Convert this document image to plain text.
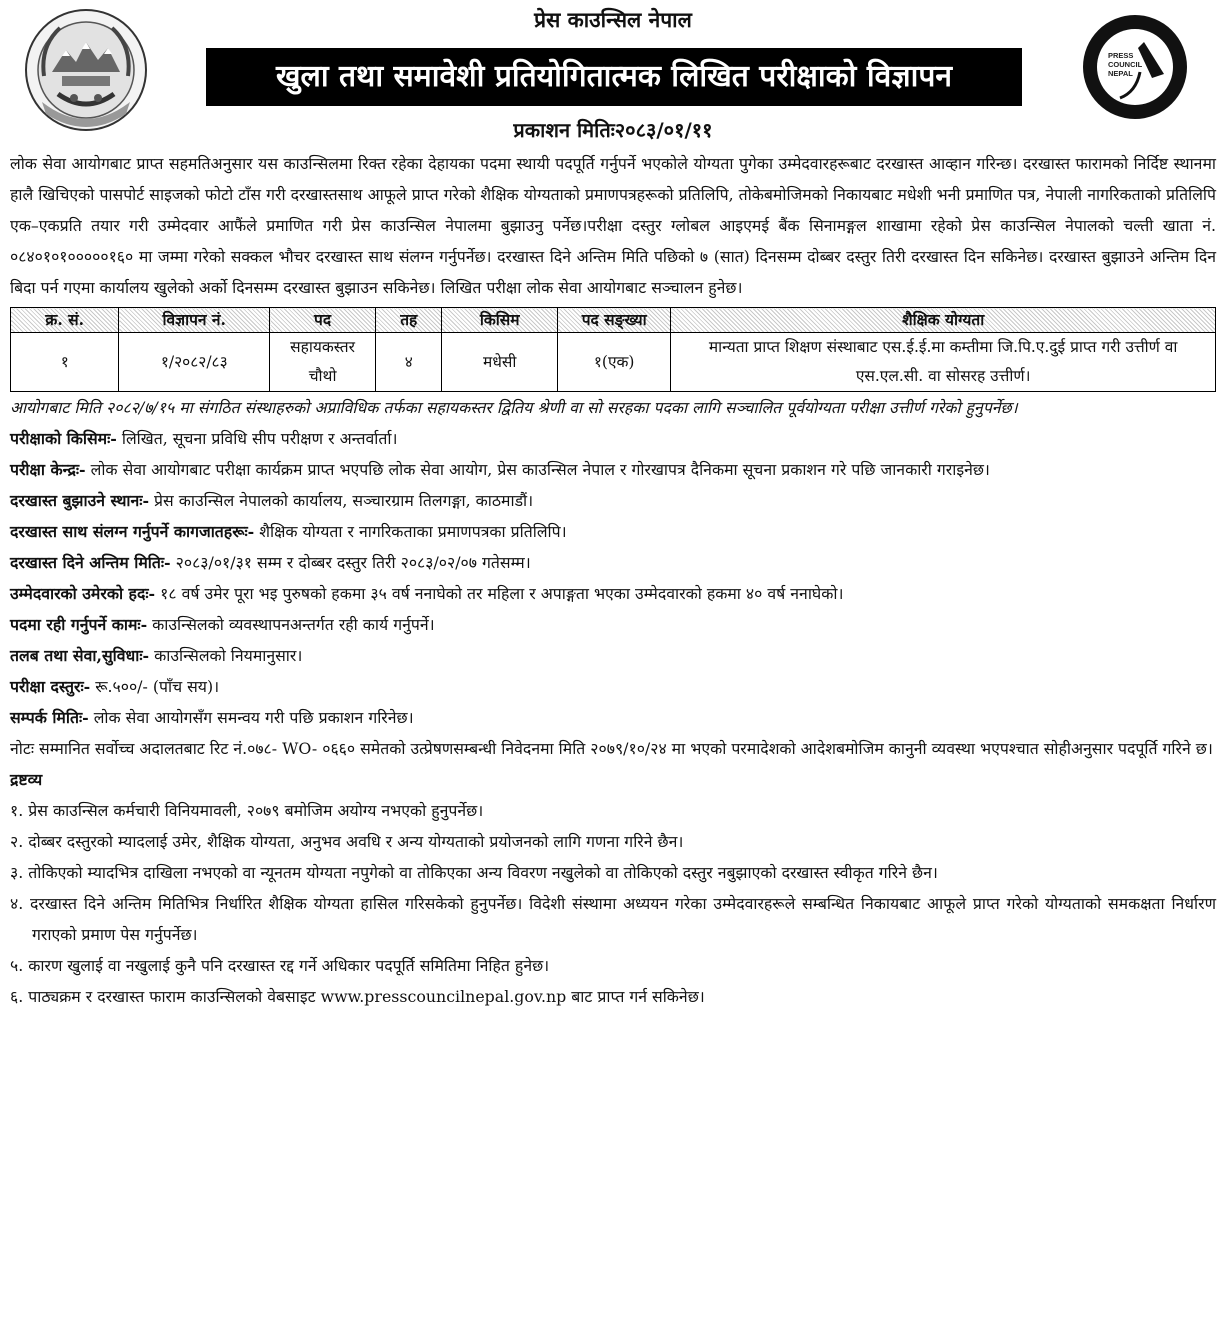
प्रेस काउन्सिल नेपाल
खुला तथा समावेशी प्रतियोगितात्मक लिखित परीक्षाको विज्ञापन
प्रकाशन मितिः२०८३/०१/११
PRESS
COUNCIL
NEPAL

लोक सेवा आयोगबाट प्राप्त सहमतिअनुसार यस काउन्सिलमा रिक्त रहेका देहायका पदमा स्थायी पदपूर्ति गर्नुपर्ने भएकोले योग्यता पुगेका उम्मेदवारहरूबाट दरखास्त आव्हान गरिन्छ। दरखास्त फारामको निर्दिष्ट स्थानमा हालै खिचिएको पासपोर्ट साइजको फोटो टाँस गरी दरखास्तसाथ आफूले प्राप्त गरेको शैक्षिक योग्यताको प्रमाणपत्रहरूको प्रतिलिपि, तोकेबमोजिमको निकायबाट मधेशी भनी प्रमाणित पत्र, नेपाली नागरिकताको प्रतिलिपि एक–एकप्रति तयार गरी उम्मेदवार आफैंले प्रमाणित गरी प्रेस काउन्सिल नेपालमा बुझाउनु पर्नेछ।परीक्षा दस्तुर ग्लोबल आइएमई बैंक सिनामङ्गल शाखामा रहेको प्रेस काउन्सिल नेपालको चल्ती खाता नं. ०८४०१०१०००००१६० मा जम्मा गरेको सक्कल भौचर दरखास्त साथ संलग्न गर्नुपर्नेछ। दरखास्त दिने अन्तिम मिति पछिको ७ (सात) दिनसम्म दोब्बर दस्तुर तिरी दरखास्त दिन सकिनेछ। दरखास्त बुझाउने अन्तिम दिन बिदा पर्न गएमा कार्यालय खुलेको अर्को दिनसम्म दरखास्त बुझाउन सकिनेछ। लिखित परीक्षा लोक सेवा आयोगबाट सञ्चालन हुनेछ।

क्र. सं.	विज्ञापन नं.	पद	तह	किसिम	पद सङ्ख्या	शैक्षिक योग्यता
१	१/२०८२/८३	सहायकस्तर चौथो	४	मधेसी	१(एक)	मान्यता प्राप्त शिक्षण संस्थाबाट एस.ई.ई.मा कम्तीमा जि.पि.ए.दुई प्राप्त गरी उत्तीर्ण वा एस.एल.सी. वा सोसरह उत्तीर्ण।

आयोगबाट मिति २०८२/७/१५ मा संगठित संस्थाहरुको अप्राविधिक तर्फका सहायकस्तर द्वितिय श्रेणी वा सो सरहका पदका लागि सञ्चालित पूर्वयोग्यता परीक्षा उत्तीर्ण गरेको हुनुपर्नेछ।

परीक्षाको किसिमः- लिखित, सूचना प्रविधि सीप परीक्षण र अन्तर्वार्ता।

परीक्षा केन्द्रः- लोक सेवा आयोगबाट परीक्षा कार्यक्रम प्राप्त भएपछि लोक सेवा आयोग, प्रेस काउन्सिल नेपाल र गोरखापत्र दैनिकमा सूचना प्रकाशन गरे पछि जानकारी गराइनेछ।

दरखास्त बुझाउने स्थानः- प्रेस काउन्सिल नेपालको कार्यालय, सञ्चारग्राम तिलगङ्गा, काठमाडौं।

दरखास्त साथ संलग्न गर्नुपर्ने कागजातहरूः- शैक्षिक योग्यता र नागरिकताका प्रमाणपत्रका प्रतिलिपि।

दरखास्त दिने अन्तिम मितिः- २०८३/०१/३१ सम्म र दोब्बर दस्तुर तिरी २०८३/०२/०७ गतेसम्म।

उम्मेदवारको उमेरको हदः- १८ वर्ष उमेर पूरा भइ पुरुषको हकमा ३५ वर्ष ननाघेको तर महिला र अपाङ्गता भएका उम्मेदवारको हकमा ४० वर्ष ननाघेको।

पदमा रही गर्नुपर्ने कामः- काउन्सिलको व्यवस्थापनअन्तर्गत रही कार्य गर्नुपर्ने।

तलब तथा सेवा,सुविधाः- काउन्सिलको नियमानुसार।

परीक्षा दस्तुरः- रू.५००/- (पाँच सय)।

सम्पर्क मितिः- लोक सेवा आयोगसँग समन्वय गरी पछि प्रकाशन गरिनेछ।

नोटः सम्मानित सर्वोच्च अदालतबाट रिट नं.०७८- WO- ०६६० समेतको उत्प्रेषणसम्बन्धी निवेदनमा मिति २०७९/१०/२४ मा भएको परमादेशको आदेशबमोजिम कानुनी व्यवस्था भएपश्चात सोहीअनुसार पदपूर्ति गरिने छ।

द्रष्टव्य

१. प्रेस काउन्सिल कर्मचारी विनियमावली, २०७९ बमोजिम अयोग्य नभएको हुनुपर्नेछ।

२. दोब्बर दस्तुरको म्यादलाई उमेर, शैक्षिक योग्यता, अनुभव अवधि र अन्य योग्यताको प्रयोजनको लागि गणना गरिने छैन।

३. तोकिएको म्यादभित्र दाखिला नभएको वा न्यूनतम योग्यता नपुगेको वा तोकिएका अन्य विवरण नखुलेको वा तोकिएको दस्तुर नबुझाएको दरखास्त स्वीकृत गरिने छैन।

४. दरखास्त दिने अन्तिम मितिभित्र निर्धारित शैक्षिक योग्यता हासिल गरिसकेको हुनुपर्नेछ। विदेशी संस्थामा अध्ययन गरेका उम्मेदवारहरूले सम्बन्धित निकायबाट आफूले प्राप्त गरेको योग्यताको समकक्षता निर्धारण गराएको प्रमाण पेस गर्नुपर्नेछ।

५. कारण खुलाई वा नखुलाई कुनै पनि दरखास्त रद्द गर्ने अधिकार पदपूर्ति समितिमा निहित हुनेछ।

६. पाठ्यक्रम र दरखास्त फाराम काउन्सिलको वेबसाइट www.presscouncilnepal.gov.np बाट प्राप्त गर्न सकिनेछ।
